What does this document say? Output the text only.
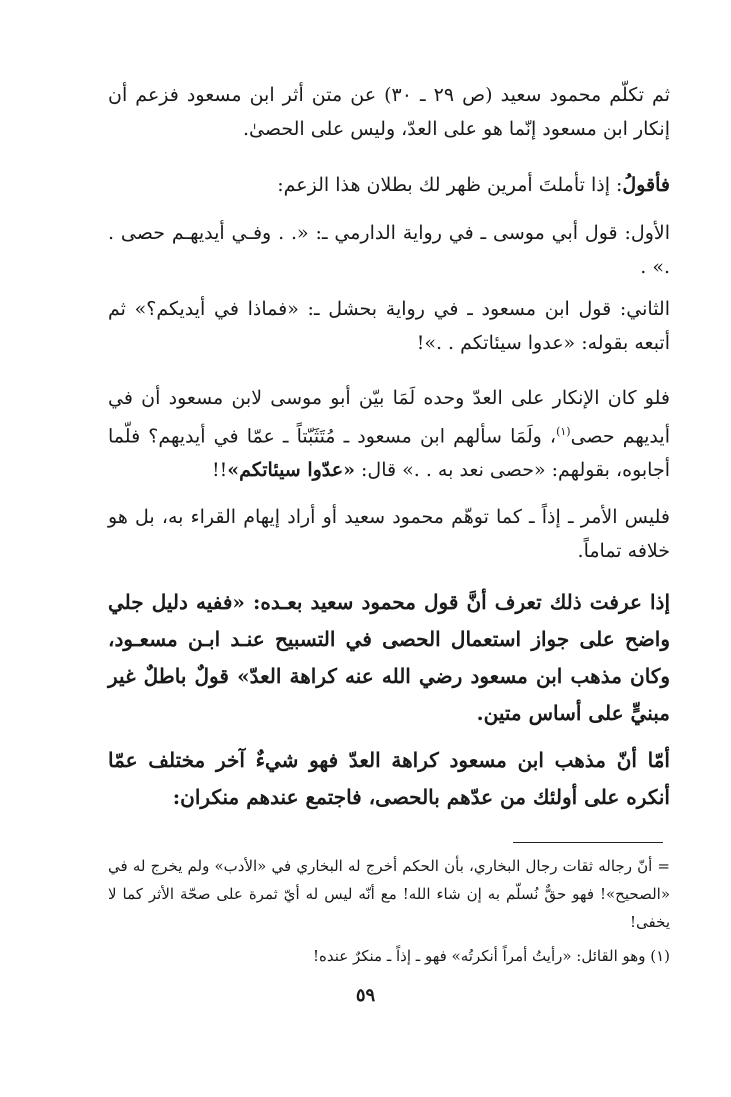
ثم تكلّم محمود سعيد (ص ٢٩ ـ ٣٠) عن متن أثر ابن مسعود فزعم أن إنكار ابن مسعود إنّما هو على العدّ، وليس على الحصىٰ.

فأقولُ: إذا تأملتَ أمرين ظهر لك بطلان هذا الزعم:

الأول: قول أبي موسى ـ في رواية الدارمي ـ: «. . وفـي أيديهـم حصى . .» .

الثاني: قول ابن مسعود ـ في رواية بحشل ـ: «فماذا في أيديكم؟» ثم أتبعه بقوله: «عدوا سيئاتكم . .»!

فلو كان الإنكار على العدّ وحده لَمَا بيّن أبو موسى لابن مسعود أن في أيديهم حصى$^{(١)}$، ولَمَا سألهم ابن مسعود ـ مُتَثَبّتاً ـ عمّا في أيديهم؟ فلّما أجابوه، بقولهم: «حصى نعد به . .» قال: «عدّوا سيئاتكم»!!

فليس الأمر ـ إذاً ـ كما توهّم محمود سعيد أو أراد إيهام القراء به، بل هو خلافه تماماً.

إذا عرفت ذلك تعرف أنَّ قول محمود سعيد بعـده: «ففيه دليل جلي واضح على جواز استعمال الحصى في التسبيح عنـد ابـن مسعـود، وكان مذهب ابن مسعود رضي الله عنه كراهة العدّ» قولٌ باطلٌ غير مبنيٍّ على أساس متين.

أمّا أنّ مذهب ابن مسعود كراهة العدّ فهو شيءٌ آخر مختلف عمّا أنكره على أولئك من عدّهم بالحصى، فاجتمع عندهم منكران:

= أنّ رجاله ثقات رجال البخاري، بأن الحكم أخرج له البخاري في «الأدب» ولم يخرج له في «الصحيح»! فهو حقٌّ نُسلّم به إن شاء الله! مع أنّه ليس له أيّ ثمرة على صحّة الأثر كما لا يخفى!

(١) وهو القائل: «رأيتُ أمراً أنكرتُه» فهو ـ إذاً ـ منكرٌ عنده!

٥٩
